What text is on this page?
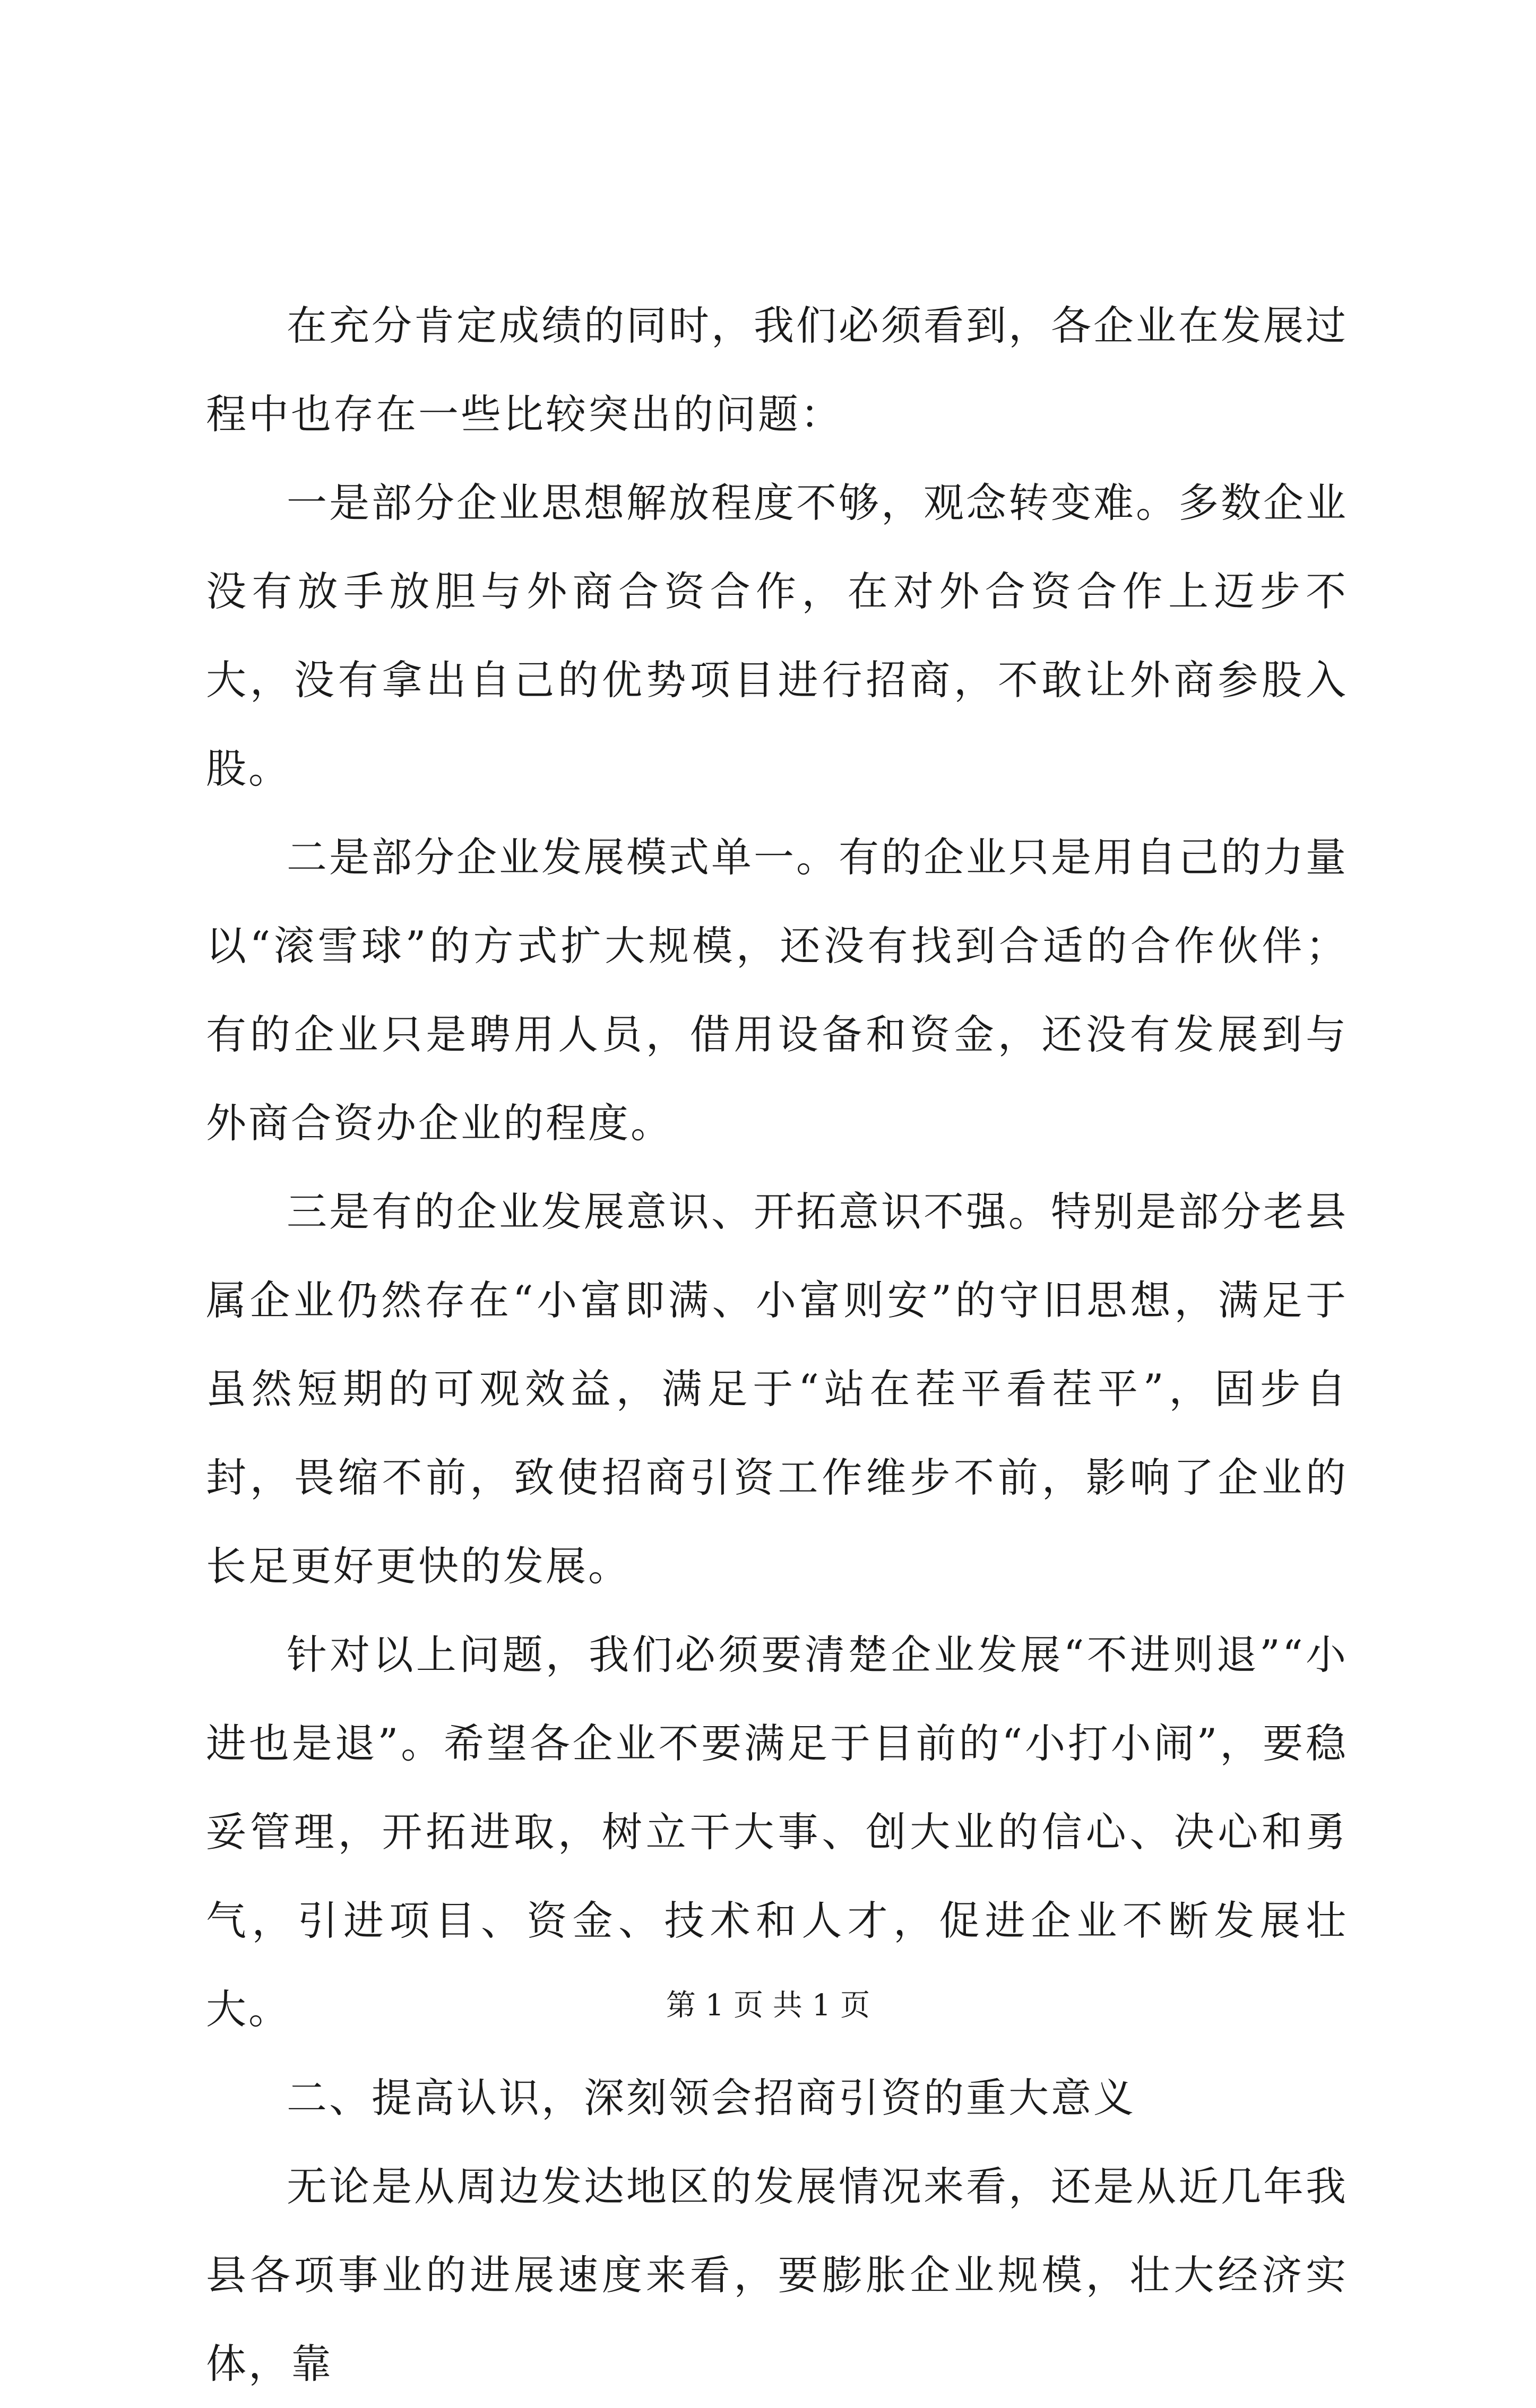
在充分肯定成绩的同时，我们必须看到，各企业在发展过程中也存在一些比较突出的问题：

一是部分企业思想解放程度不够，观念转变难。多数企业没有放手放胆与外商合资合作，在对外合资合作上迈步不大，没有拿出自己的优势项目进行招商，不敢让外商参股入股。

二是部分企业发展模式单一。有的企业只是用自己的力量以“滚雪球”的方式扩大规模，还没有找到合适的合作伙伴；有的企业只是聘用人员，借用设备和资金，还没有发展到与外商合资办企业的程度。

三是有的企业发展意识、开拓意识不强。特别是部分老县属企业仍然存在“小富即满、小富则安”的守旧思想，满足于虽然短期的可观效益，满足于“站在茬平看茬平”，固步自封，畏缩不前，致使招商引资工作维步不前，影响了企业的长足更好更快的发展。

针对以上问题，我们必须要清楚企业发展“不进则退”“小进也是退”。希望各企业不要满足于目前的“小打小闹”，要稳妥管理，开拓进取，树立干大事、创大业的信心、决心和勇气，引进项目、资金、技术和人才，促进企业不断发展壮大。

二、提高认识，深刻领会招商引资的重大意义

无论是从周边发达地区的发展情况来看，还是从近几年我县各项事业的进展速度来看，要膨胀企业规模，壮大经济实体，靠

第 1 页 共 1 页
